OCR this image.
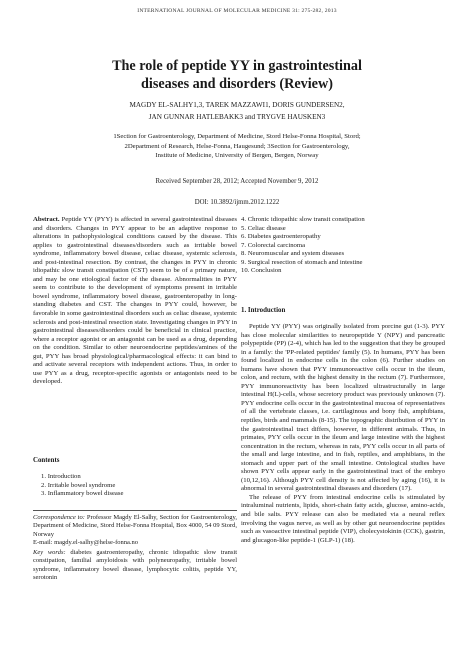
INTERNATIONAL JOURNAL OF MOLECULAR MEDICINE 31: 275-282, 2013
The role of peptide YY in gastrointestinal
diseases and disorders (Review)
MAGDY EL-SALHY1,3, TAREK MAZZAWI1, DORIS GUNDERSEN2,
JAN GUNNAR HATLEBAKK3 and TRYGVE HAUSKEN3
1Section for Gastroenterology, Department of Medicine, Stord Helse-Fonna Hospital, Stord;
2Department of Research, Helse-Fonna, Haugesund; 3Section for Gastroenterology,
Institute of Medicine, University of Bergen, Bergen, Norway
Received September 28, 2012; Accepted November 9, 2012
DOI: 10.3892/ijmm.2012.1222

Abstract. Peptide YY (PYY) is affected in several gastrointestinal diseases and disorders. Changes in PYY appear to be an adaptive response to alterations in pathophysiological conditions caused by the disease. This applies to gastrointestinal diseases/disorders such as irritable bowel syndrome, inflammatory bowel disease, celiac disease, systemic sclerosis, and post-intestinal resection. By contrast, the changes in PYY in chronic idiopathic slow transit constipation (CST) seem to be of a primary nature, and may be one etiological factor of the disease. Abnormalities in PYY seem to contribute to the development of symptoms present in irritable bowel syndrome, inflammatory bowel disease, gastroenteropathy in long-standing diabetes and CST. The changes in PYY could, however, be favorable in some gastrointestinal disorders such as celiac disease, systemic sclerosis and post-intestinal resection state. Investigating changes in PYY in gastrointestinal diseases/disorders could be beneficial in clinical practice, where a receptor agonist or an antagonist can be used as a drug, depending on the condition. Similar to other neuroendocrine peptides/amines of the gut, PYY has broad physiological/pharmacological effects: it can bind to and activate several receptors with independent actions. Thus, in order to use PYY as a drug, receptor-specific agonists or antagonists need to be developed.

Contents
1. Introduction
2. Irritable bowel syndrome
3. Inflammatory bowel disease
Correspondence to: Professor Magdy El-Salhy, Section for Gastroenterology, Department of Medicine, Stord Helse-Fonna Hospital, Box 4000, 54 09 Stord, Norway
E-mail: magdy.el-salhy@helse-fonna.no
Key words: diabetes gastroenteropathy, chronic idiopathic slow transit constipation, familial amyloidosis with polyneuropathy, irritable bowel syndrome, inflammatory bowel disease, lymphocytic colitis, peptide YY, serotonin
4. Chronic idiopathic slow transit constipation
5. Celiac disease
6. Diabetes gastroenteropathy
7. Colorectal carcinoma
8. Neuromuscular and system diseases
9. Surgical resection of stomach and intestine
10. Conclusion
1. Introduction

Peptide YY (PYY) was originally isolated from porcine gut (1-3). PYY has close molecular similarities to neuropeptide Y (NPY) and pancreatic polypeptide (PP) (2-4), which has led to the suggestion that they be grouped in a family: the 'PP-related peptides' family (5). In humans, PYY has been found localized in endocrine cells in the colon (6). Further studies on humans have shown that PYY immunoreactive cells occur in the ileum, colon, and rectum, with the highest density in the rectum (7). Furthermore, PYY immunoreactivity has been localized ultrastructurally in large intestinal H(L)-cells, whose secretory product was previously unknown (7). PYY endocrine cells occur in the gastrointestinal mucosa of representatives of all the vertebrate classes, i.e. cartilaginous and bony fish, amphibians, reptiles, birds and mammals (8-15). The topographic distribution of PYY in the gastrointestinal tract differs, however, in different animals. Thus, in primates, PYY cells occur in the ileum and large intestine with the highest concentration in the rectum, whereas in rats, PYY cells occur in all parts of the small and large intestine, and in fish, reptiles, and amphibians, in the stomach and upper part of the small intestine. Ontological studies have shown PYY cells appear early in the gastrointestinal tract of the embryo (10,12,16). Although PYY cell density is not affected by aging (16), it is abnormal in several gastrointestinal diseases and disorders (17).

The release of PYY from intestinal endocrine cells is stimulated by intraluminal nutrients, lipids, short-chain fatty acids, glucose, amino-acids, and bile salts. PYY release can also be mediated via a neural reflex involving the vagus nerve, as well as by other gut neuroendocrine peptides such as vasoactive intestinal peptide (VIP), cholecystokinin (CCK), gastrin, and glucagon-like peptide-1 (GLP-1) (18).
